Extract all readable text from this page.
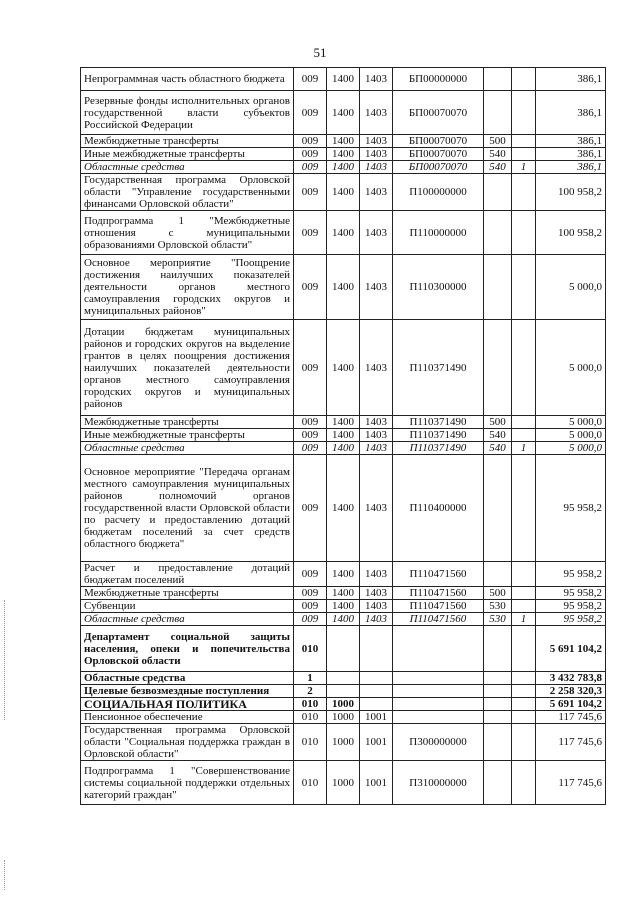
51
Непрограммная часть областного бюджета	009	1400	1403	БП00000000			386,1
Резервные фонды исполнительных органов государственной власти субъектов Российской Федерации	009	1400	1403	БП00070070			386,1
Межбюджетные трансферты	009	1400	1403	БП00070070	500		386,1
Иные межбюджетные трансферты	009	1400	1403	БП00070070	540		386,1
Областные средства	009	1400	1403	БП00070070	540	1	386,1
Государственная программа Орловской области "Управление государственными финансами Орловской области"	009	1400	1403	П100000000			100 958,2
Подпрограмма 1 "Межбюджетные отношения с муниципальными образованиями Орловской области"	009	1400	1403	П110000000			100 958,2
Основное мероприятие "Поощрение достижения наилучших показателей деятельности органов местного самоуправления городских округов и муниципальных районов"	009	1400	1403	П110300000			5 000,0
Дотации бюджетам муниципальных районов и городских округов на выделение грантов в целях поощрения достижения наилучших показателей деятельности органов местного самоуправления городских округов и муниципальных районов	009	1400	1403	П110371490			5 000,0
Межбюджетные трансферты	009	1400	1403	П110371490	500		5 000,0
Иные межбюджетные трансферты	009	1400	1403	П110371490	540		5 000,0
Областные средства	009	1400	1403	П110371490	540	1	5 000,0
Основное мероприятие "Передача органам местного самоуправления муниципальных районов полномочий органов государственной власти Орловской области по расчету и предоставлению дотаций бюджетам поселений за счет средств областного бюджета"	009	1400	1403	П110400000			95 958,2
Расчет и предоставление дотаций бюджетам поселений	009	1400	1403	П110471560			95 958,2
Межбюджетные трансферты	009	1400	1403	П110471560	500		95 958,2
Субвенции	009	1400	1403	П110471560	530		95 958,2
Областные средства	009	1400	1403	П110471560	530	1	95 958,2
Департамент социальной защиты населения, опеки и попечительства Орловской области	010						5 691 104,2
Областные средства	1						3 432 783,8
Целевые безвозмездные поступления	2						2 258 320,3
СОЦИАЛЬНАЯ ПОЛИТИКА	010	1000					5 691 104,2
Пенсионное обеспечение	010	1000	1001				117 745,6
Государственная программа Орловской области "Социальная поддержка граждан в Орловской области"	010	1000	1001	П300000000			117 745,6
Подпрограмма 1 "Совершенствование системы социальной поддержки отдельных категорий граждан"	010	1000	1001	П310000000			117 745,6
